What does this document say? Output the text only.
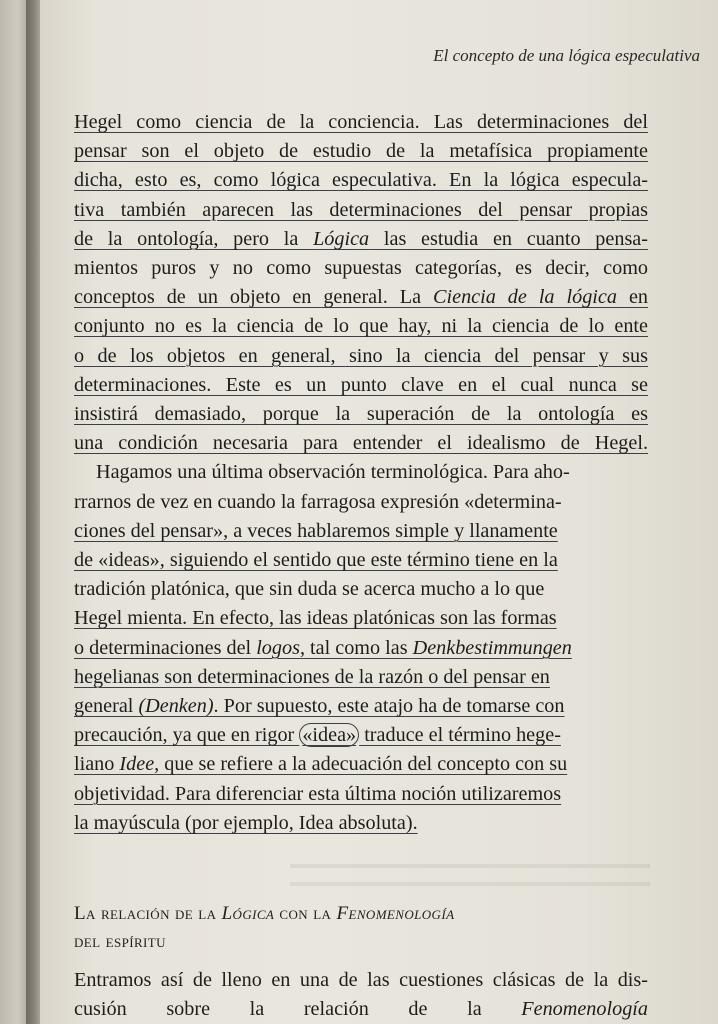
El concepto de una lógica especulativa

Hegel como ciencia de la conciencia. Las determinaciones del
pensar son el objeto de estudio de la metafísica propiamente
dicha, esto es, como lógica especulativa. En la lógica especula-
tiva también aparecen las determinaciones del pensar propias
de la ontología, pero la Lógica las estudia en cuanto pensa-
mientos puros y no como supuestas categorías, es decir, como
conceptos de un objeto en general. La Ciencia de la lógica en
conjunto no es la ciencia de lo que hay, ni la ciencia de lo ente
o de los objetos en general, sino la ciencia del pensar y sus
determinaciones. Este es un punto clave en el cual nunca se
insistirá demasiado, porque la superación de la ontología es
una condición necesaria para entender el idealismo de Hegel.

Hagamos una última observación terminológica. Para aho-
rrarnos de vez en cuando la farragosa expresión «determina-
ciones del pensar», a veces hablaremos simple y llanamente
de «ideas», siguiendo el sentido que este término tiene en la
tradición platónica, que sin duda se acerca mucho a lo que
Hegel mienta. En efecto, las ideas platónicas son las formas
o determinaciones del logos, tal como las Denkbestimmungen
hegelianas son determinaciones de la razón o del pensar en
general (Denken). Por supuesto, este atajo ha de tomarse con
precaución, ya que en rigor «idea» traduce el término hege-
liano Idee, que se refiere a la adecuación del concepto con su
objetividad. Para diferenciar esta última noción utilizaremos
la mayúscula (por ejemplo, Idea absoluta).

La relación de la Lógica con la Fenomenología
del espíritu

Entramos así de lleno en una de las cuestiones clásicas de la dis-
cusión sobre la relación de la Fenomenología
